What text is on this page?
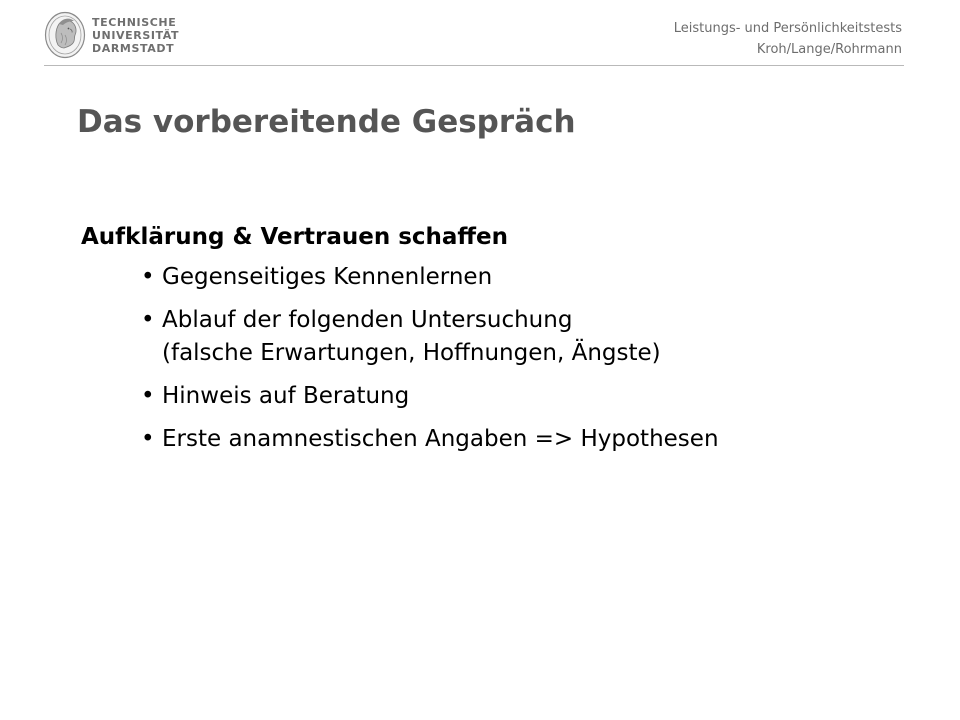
TECHNISCHE
UNIVERSITÄT
DARMSTADT
Leistungs- und Persönlichkeitstests
Kroh/Lange/Rohrmann
Das vorbereitende Gespräch

Aufklärung & Vertrauen schaffen

• Gegenseitiges Kennenlernen
• Ablauf der folgenden Untersuchung
(falsche Erwartungen, Hoffnungen, Ängste)
• Hinweis auf Beratung
• Erste anamnestischen Angaben => Hypothesen
